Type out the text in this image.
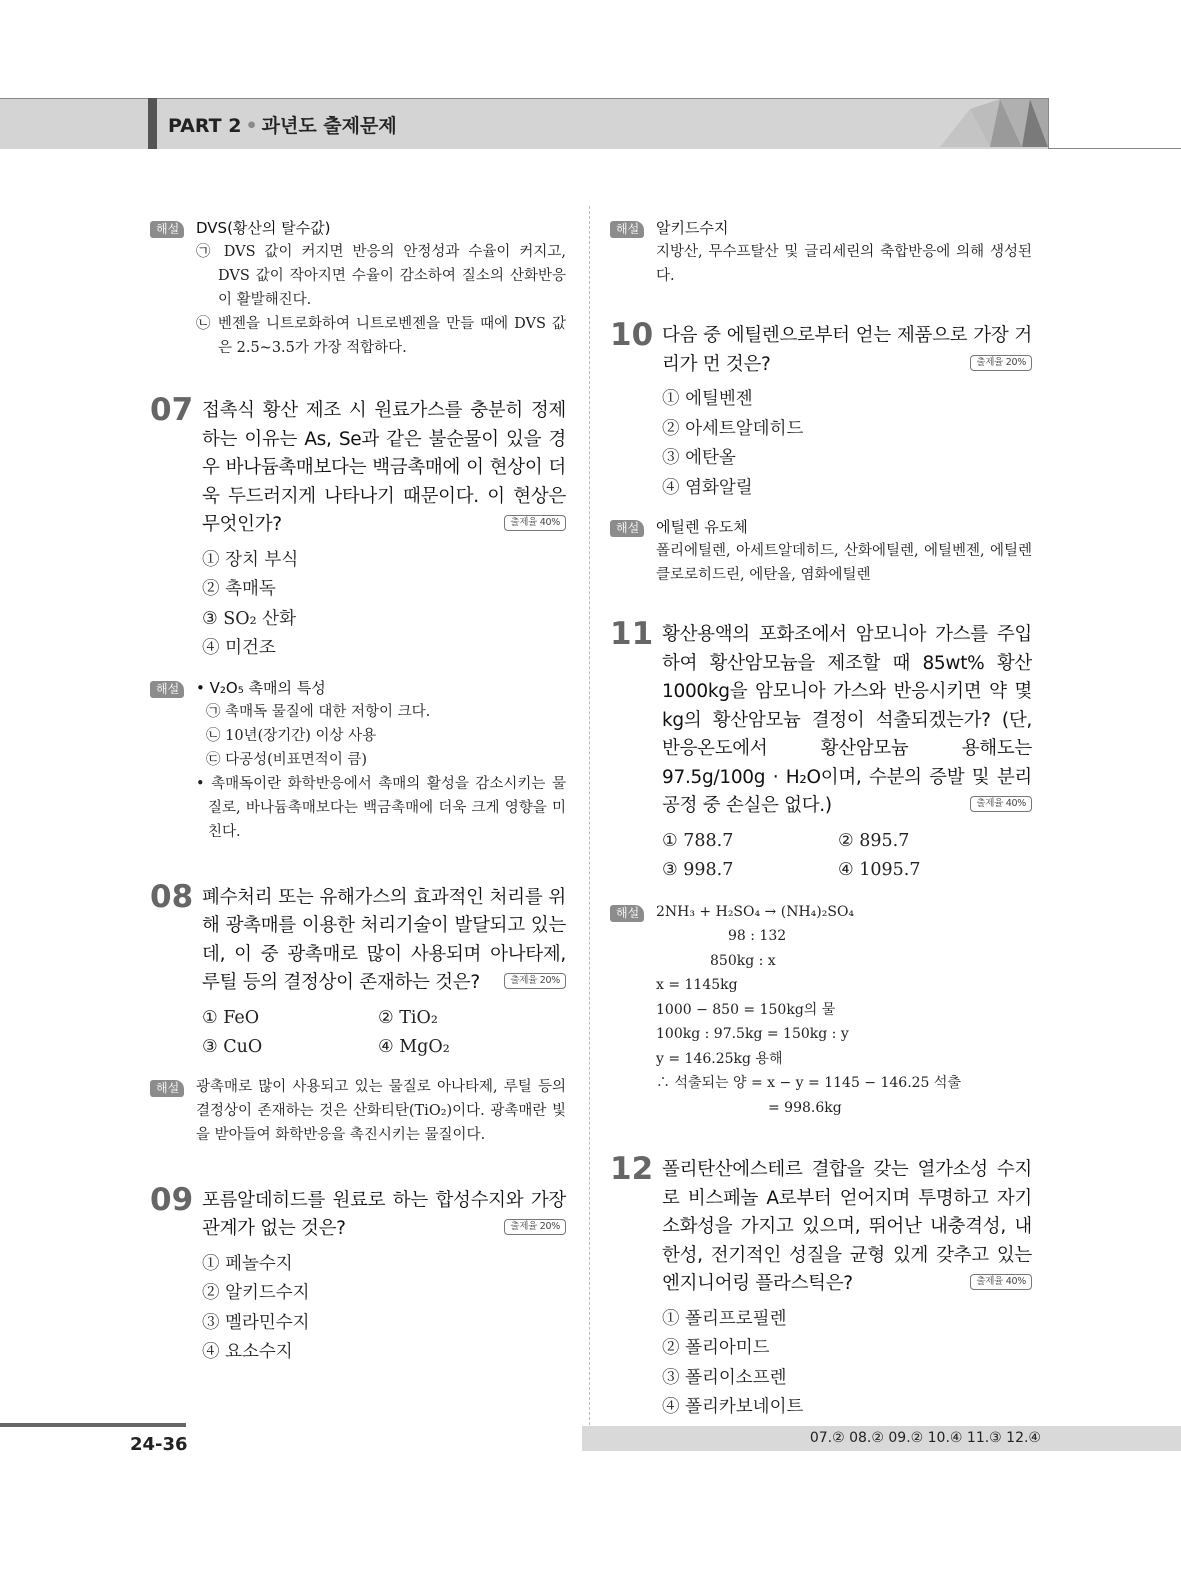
PART 2 • 과년도 출제문제
해설	DVS(황산의 탈수값)
㉠ DVS 값이 커지면 반응의 안정성과 수율이 커지고, DVS 값이 작아지면 수율이 감소하여 질소의 산화반응이 활발해진다.
㉡ 벤젠을 니트로화하여 니트로벤젠을 만들 때에 DVS 값은 2.5~3.5가 가장 적합하다.
07 접촉식 황산 제조 시 원료가스를 충분히 정제하는 이유는 As, Se과 같은 불순물이 있을 경우 바나듐촉매보다는 백금촉매에 이 현상이 더욱 두드러지게 나타나기 때문이다. 이 현상은 무엇인가?	출제율 40%
① 장치 부식
② 촉매독
③ SO₂ 산화
④ 미건조
해설	• V₂O₅ 촉매의 특성
㉠ 촉매독 물질에 대한 저항이 크다.
㉡ 10년(장기간) 이상 사용
㉢ 다공성(비표면적이 큼)
• 촉매독이란 화학반응에서 촉매의 활성을 감소시키는 물질로, 바나듐촉매보다는 백금촉매에 더욱 크게 영향을 미친다.
08 폐수처리 또는 유해가스의 효과적인 처리를 위해 광촉매를 이용한 처리기술이 발달되고 있는데, 이 중 광촉매로 많이 사용되며 아나타제, 루틸 등의 결정상이 존재하는 것은?	출제율 20%
① FeO	② TiO₂
③ CuO	④ MgO₂
해설	광촉매로 많이 사용되고 있는 물질로 아나타제, 루틸 등의 결정상이 존재하는 것은 산화티탄(TiO₂)이다. 광촉매란 빛을 받아들여 화학반응을 촉진시키는 물질이다.
09 포름알데히드를 원료로 하는 합성수지와 가장 관계가 없는 것은?	출제율 20%
① 페놀수지
② 알키드수지
③ 멜라민수지
④ 요소수지
해설	알키드수지
지방산, 무수프탈산 및 글리세린의 축합반응에 의해 생성된다.
10 다음 중 에틸렌으로부터 얻는 제품으로 가장 거리가 먼 것은?	출제율 20%
① 에틸벤젠
② 아세트알데히드
③ 에탄올
④ 염화알릴
해설	에틸렌 유도체
폴리에틸렌, 아세트알데히드, 산화에틸렌, 에틸벤젠, 에틸렌클로로히드린, 에탄올, 염화에틸렌
11 황산용액의 포화조에서 암모니아 가스를 주입하여 황산암모늄을 제조할 때 85wt% 황산 1000kg을 암모니아 가스와 반응시키면 약 몇 kg의 황산암모늄 결정이 석출되겠는가? (단, 반응온도에서 황산암모늄 용해도는 97.5g/100g · H₂O이며, 수분의 증발 및 분리 공정 중 손실은 없다.)	출제율 40%
① 788.7	② 895.7
③ 998.7	④ 1095.7
해설	2NH₃ + H₂SO₄ → (NH₄)₂SO₄
98 : 132
850kg : x
x = 1145kg
1000 − 850 = 150kg의 물
100kg : 97.5kg = 150kg : y
y = 146.25kg 용해
∴ 석출되는 양 = x − y = 1145 − 146.25 석출
= 998.6kg
12 폴리탄산에스테르 결합을 갖는 열가소성 수지로 비스페놀 A로부터 얻어지며 투명하고 자기소화성을 가지고 있으며, 뛰어난 내충격성, 내한성, 전기적인 성질을 균형 있게 갖추고 있는 엔지니어링 플라스틱은?	출제율 40%
① 폴리프로필렌
② 폴리아미드
③ 폴리이소프렌
④ 폴리카보네이트
24-36	07.② 08.② 09.② 10.④ 11.③ 12.④
